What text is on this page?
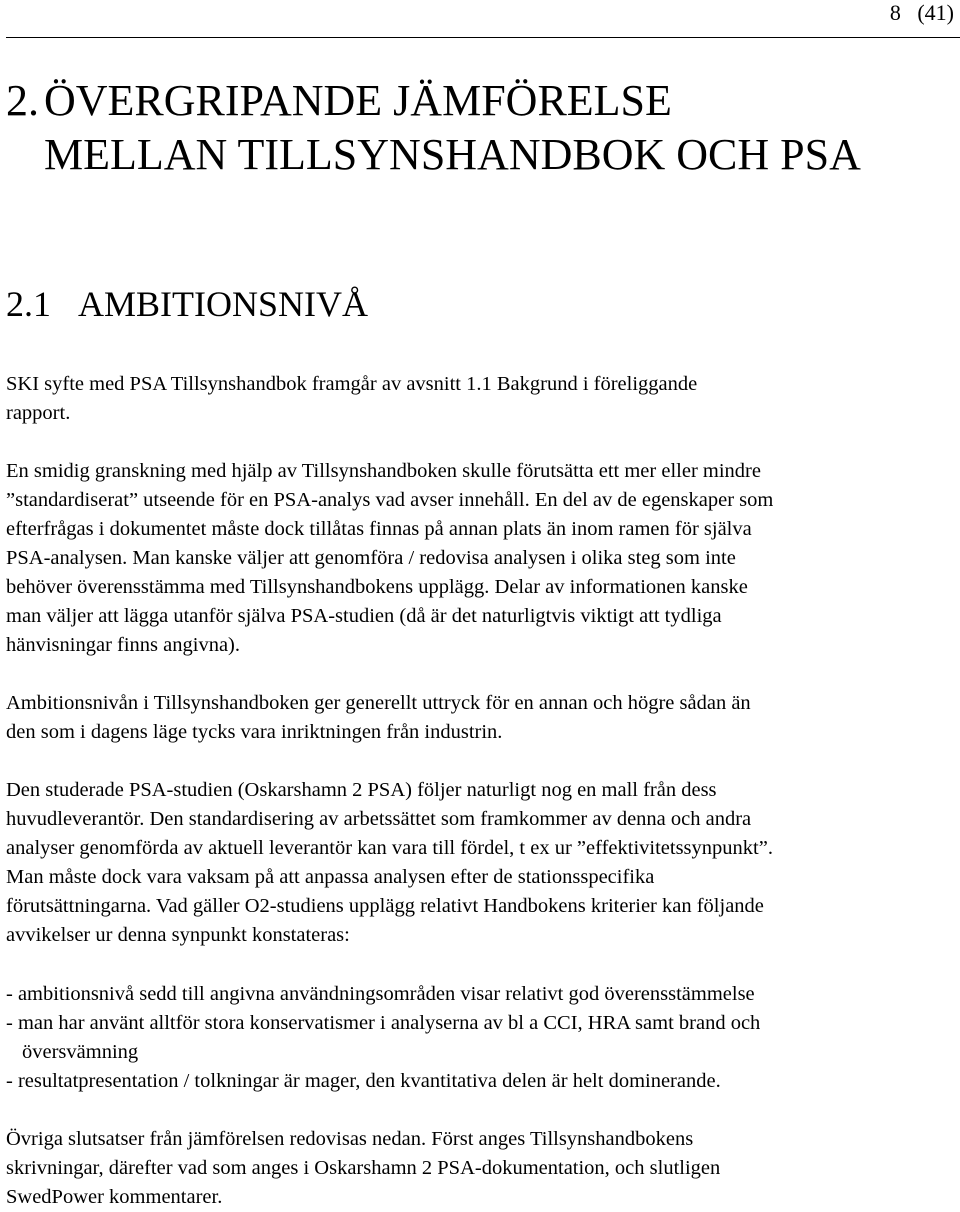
8   (41)
2. ÖVERGRIPANDE JÄMFÖRELSE
MELLAN TILLSYNSHANDBOK OCH PSA
2.1 AMBITIONSNIVÅ
SKI syfte med PSA Tillsynshandbok framgår av avsnitt 1.1 Bakgrund i föreliggande
rapport.
En smidig granskning med hjälp av Tillsynshandboken skulle förutsätta ett mer eller mindre
”standardiserat” utseende för en PSA-analys vad avser innehåll. En del av de egenskaper som
efterfrågas i dokumentet måste dock tillåtas finnas på annan plats än inom ramen för själva
PSA-analysen. Man kanske väljer att genomföra / redovisa analysen i olika steg som inte
behöver överensstämma med Tillsynshandbokens upplägg. Delar av informationen kanske
man väljer att lägga utanför själva PSA-studien (då är det naturligtvis viktigt att tydliga
hänvisningar finns angivna).
Ambitionsnivån i Tillsynshandboken ger generellt uttryck för en annan och högre sådan än
den som i dagens läge tycks vara inriktningen från industrin.
Den studerade PSA-studien (Oskarshamn 2 PSA) följer naturligt nog en mall från dess
huvudleverantör. Den standardisering av arbetssättet som framkommer av denna och andra
analyser genomförda av aktuell leverantör kan vara till fördel, t ex ur ”effektivitetssynpunkt”.
Man måste dock vara vaksam på att anpassa analysen efter de stationsspecifika
förutsättningarna. Vad gäller O2-studiens upplägg relativt Handbokens kriterier kan följande
avvikelser ur denna synpunkt konstateras:
- ambitionsnivå sedd till angivna användningsområden visar relativt god överensstämmelse
- man har använt alltför stora konservatismer i analyserna av bl a CCI, HRA samt brand och
översvämning
- resultatpresentation / tolkningar är mager, den kvantitativa delen är helt dominerande.
Övriga slutsatser från jämförelsen redovisas nedan. Först anges Tillsynshandbokens
skrivningar, därefter vad som anges i Oskarshamn 2 PSA-dokumentation, och slutligen
SwedPower kommentarer.
